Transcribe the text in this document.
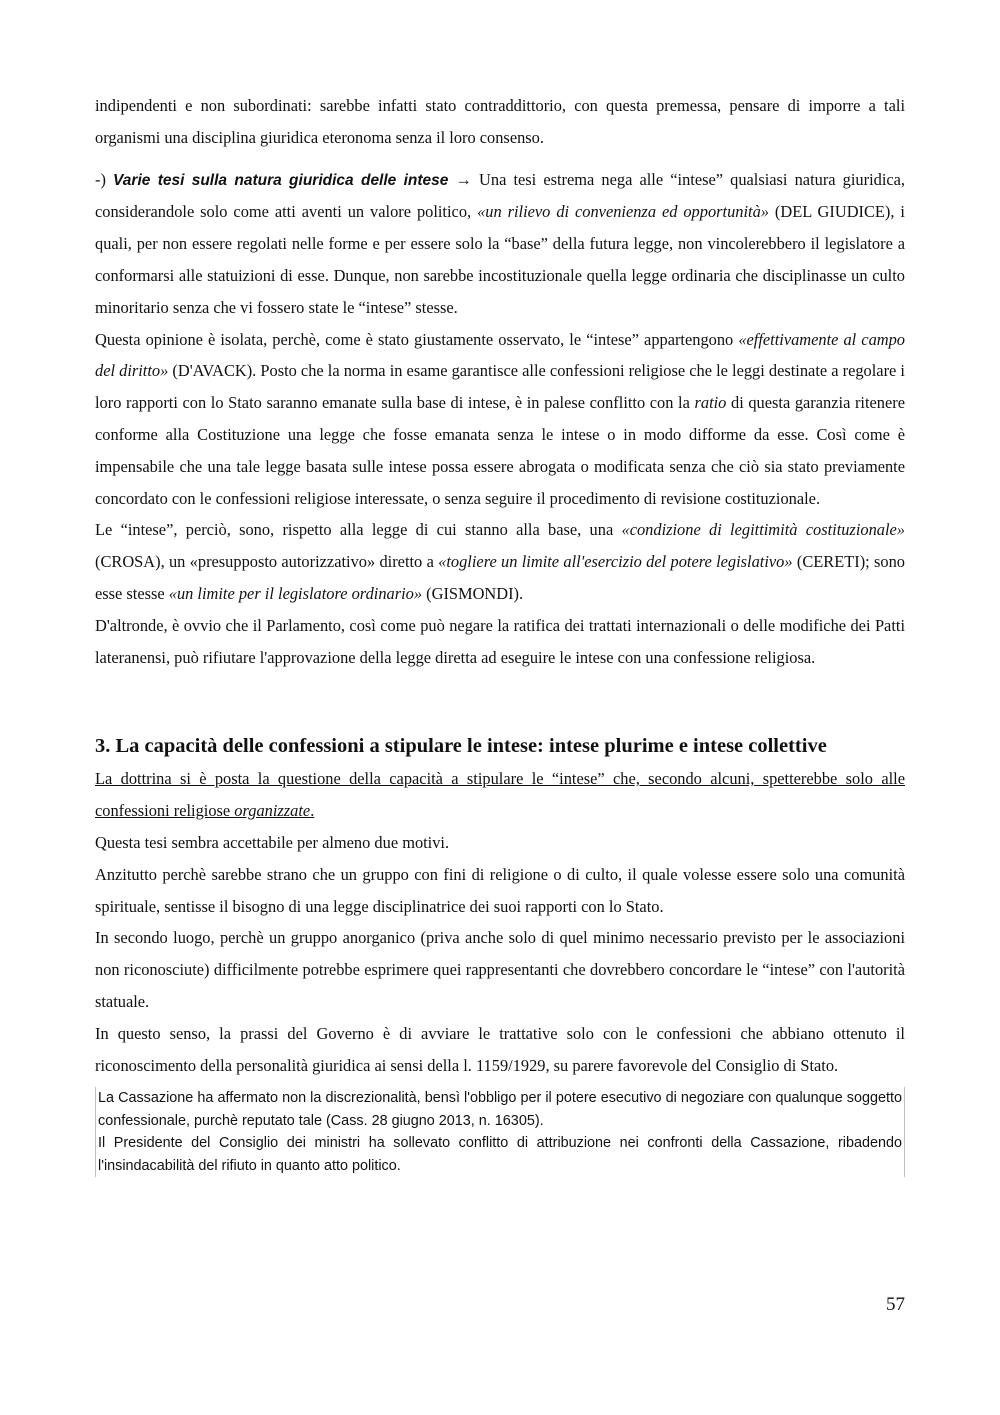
indipendenti e non subordinati: sarebbe infatti stato contraddittorio, con questa premessa, pensare di imporre a tali organismi una disciplina giuridica eteronoma senza il loro consenso.

-) Varie tesi sulla natura giuridica delle intese → Una tesi estrema nega alle “intese” qualsiasi natura giuridica, considerandole solo come atti aventi un valore politico, «un rilievo di convenienza ed opportunità» (DEL GIUDICE), i quali, per non essere regolati nelle forme e per essere solo la “base” della futura legge, non vincolerebbero il legislatore a conformarsi alle statuizioni di esse. Dunque, non sarebbe incostituzionale quella legge ordinaria che disciplinasse un culto minoritario senza che vi fossero state le “intese” stesse.

Questa opinione è isolata, perchè, come è stato giustamente osservato, le “intese” appartengono «effettivamente al campo del diritto» (D'AVACK). Posto che la norma in esame garantisce alle confessioni religiose che le leggi destinate a regolare i loro rapporti con lo Stato saranno emanate sulla base di intese, è in palese conflitto con la ratio di questa garanzia ritenere conforme alla Costituzione una legge che fosse emanata senza le intese o in modo difforme da esse. Così come è impensabile che una tale legge basata sulle intese possa essere abrogata o modificata senza che ciò sia stato previamente concordato con le confessioni religiose interessate, o senza seguire il procedimento di revisione costituzionale.

Le “intese”, perciò, sono, rispetto alla legge di cui stanno alla base, una «condizione di legittimità costituzionale» (CROSA), un «presupposto autorizzativo» diretto a «togliere un limite all'esercizio del potere legislativo» (CERETI); sono esse stesse «un limite per il legislatore ordinario» (GISMONDI).

D'altronde, è ovvio che il Parlamento, così come può negare la ratifica dei trattati internazionali o delle modifiche dei Patti lateranensi, può rifiutare l'approvazione della legge diretta ad eseguire le intese con una confessione religiosa.

3. La capacità delle confessioni a stipulare le intese: intese plurime e intese collettive

La dottrina si è posta la questione della capacità a stipulare le “intese” che, secondo alcuni, spetterebbe solo alle confessioni religiose organizzate.

Questa tesi sembra accettabile per almeno due motivi.

Anzitutto perchè sarebbe strano che un gruppo con fini di religione o di culto, il quale volesse essere solo una comunità spirituale, sentisse il bisogno di una legge disciplinatrice dei suoi rapporti con lo Stato.

In secondo luogo, perchè un gruppo anorganico (priva anche solo di quel minimo necessario previsto per le associazioni non riconosciute) difficilmente potrebbe esprimere quei rappresentanti che dovrebbero concordare le “intese” con l'autorità statuale.

In questo senso, la prassi del Governo è di avviare le trattative solo con le confessioni che abbiano ottenuto il riconoscimento della personalità giuridica ai sensi della l. 1159/1929, su parere favorevole del Consiglio di Stato.

La Cassazione ha affermato non la discrezionalità, bensì l'obbligo per il potere esecutivo di negoziare con qualunque soggetto confessionale, purchè reputato tale (Cass. 28 giugno 2013, n. 16305).

Il Presidente del Consiglio dei ministri ha sollevato conflitto di attribuzione nei confronti della Cassazione, ribadendo l'insindacabilità del rifiuto in quanto atto politico.

57
